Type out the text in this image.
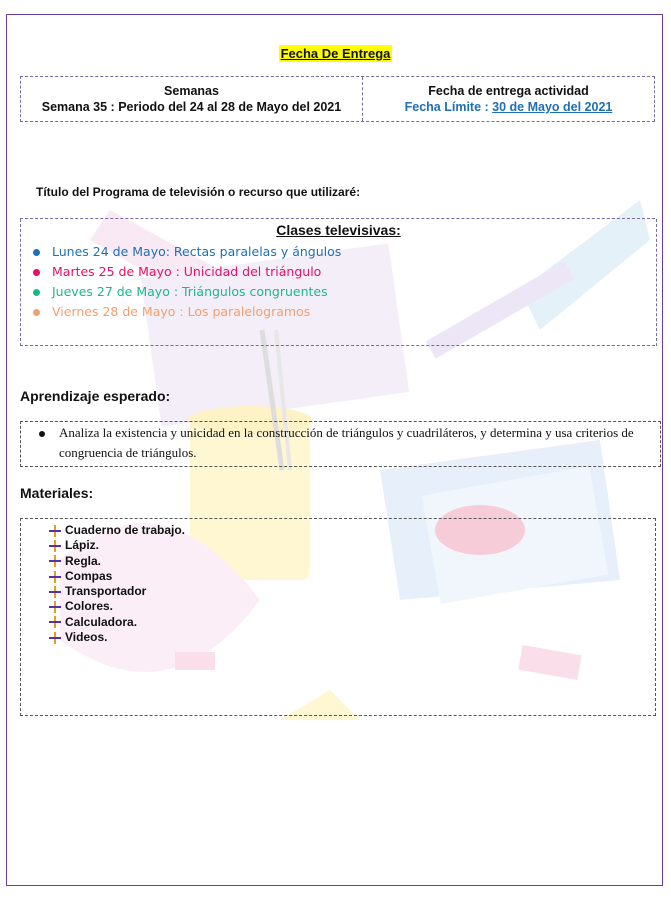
Fecha De Entrega
Semanas
Semana 35 : Periodo del 24 al 28 de Mayo del 2021
Fecha de entrega actividad
Fecha Límite : 30 de Mayo del 2021
Título del Programa de televisión o recurso que utilizaré:
Clases televisivas:
Lunes 24 de Mayo: Rectas paralelas y ángulos
Martes 25 de Mayo : Unicidad del triángulo
Jueves 27 de Mayo : Triángulos congruentes
Viernes 28 de Mayo : Los paralelogramos
Aprendizaje esperado:
Analiza la existencia y unicidad en la construcción de triángulos y cuadriláteros, y determina y usa criterios de congruencia de triángulos.
Materiales:
Cuaderno de trabajo.
Lápiz.
Regla.
Compas
Transportador
Colores.
Calculadora.
Videos.
